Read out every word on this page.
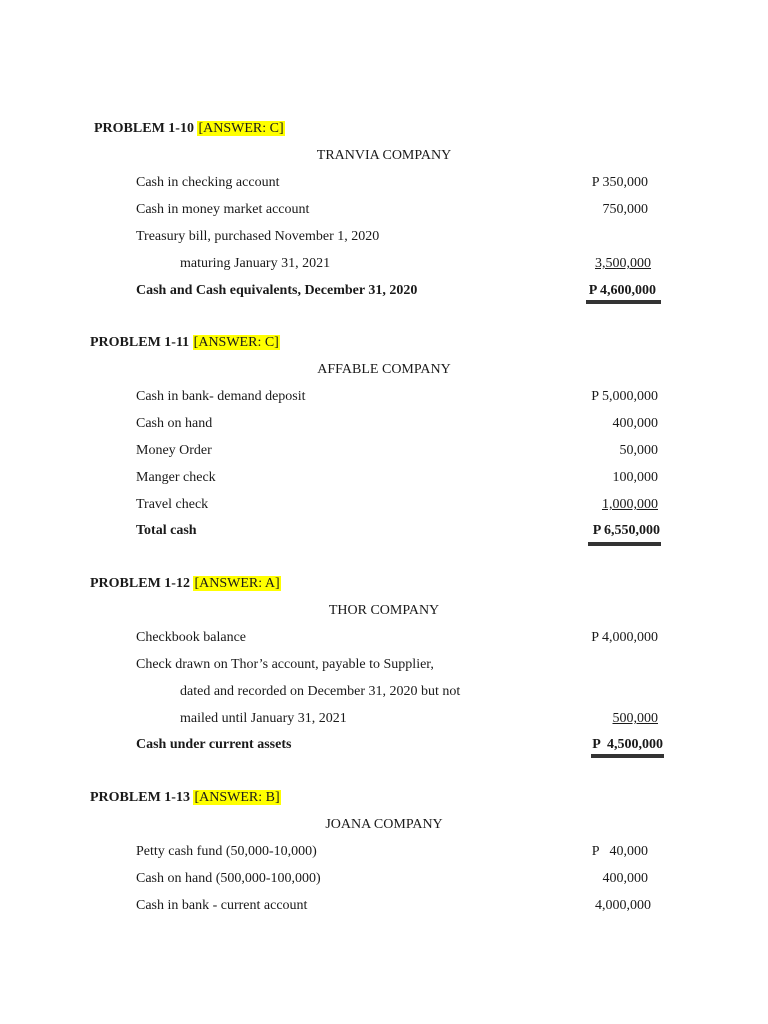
PROBLEM 1-10 [ANSWER: C]
TRANVIA COMPANY
Cash in checking account	P 350,000
Cash in money market account	750,000
Treasury bill, purchased November 1, 2020
maturing January 31, 2021	3,500,000
Cash and Cash equivalents, December 31, 2020	P 4,600,000
PROBLEM 1-11 [ANSWER: C]
AFFABLE COMPANY
Cash in bank- demand deposit	P 5,000,000
Cash on hand	400,000
Money Order	50,000
Manger check	100,000
Travel check	1,000,000
Total cash	P 6,550,000
PROBLEM 1-12 [ANSWER: A]
THOR COMPANY
Checkbook balance	P 4,000,000
Check drawn on Thor’s account, payable to Supplier,
dated and recorded on December 31, 2020 but not
mailed until January 31, 2021	500,000
Cash under current assets	P  4,500,000
PROBLEM 1-13 [ANSWER: B]
JOANA COMPANY
Petty cash fund (50,000-10,000)	P   40,000
Cash on hand (500,000-100,000)	400,000
Cash in bank - current account	4,000,000
